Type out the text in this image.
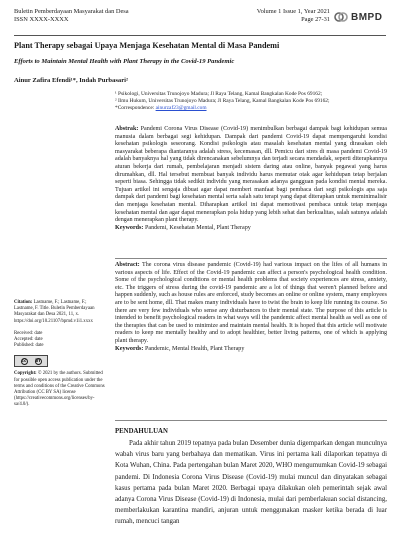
Buletin Pemberdayaan Masyarakat dan Desa
ISSN XXXX-XXXX
Volume 1 Issue 1, Year 2021
Page 27-31 BMPD
Plant Therapy sebagai Upaya Menjaga Kesehatan Mental di Masa Pandemi
Efforts to Maintain Mental Health with Plant Therapy in the Covid-19 Pandemic
Ainur Zafira Efendi¹*, Indah Purbasari²
¹ Psikologi, Universitas Trunojoyo Madura; Jl Raya Telang, Kamal Bangkalan Kode Pos 69162;
² Ilmu Hukum, Universitas Trunojoyo Madura; Jl Raya Telang, Kamal Bangkalan Kode Pos 69162;
*Correspondence: ainurzaf23@gmail.com
Abstrak: Pandemi Corona Virus Disease (Covid-19) menimbulkan berbagai dampak bagi kehidupan semua manusia dalam berbagai segi kehidupan. Dampak dari pandemi Covid-19 dapat mempengaruhi kondisi kesehatan psikologis seseorang. Kondisi psikologis atau masalah kesehatan mental yang dirasakan oleh masyarakat beberapa diantaranya adalah stress, kecemasan, dll. Pemicu dari stres di masa pandemi Covid-19 adalah banyaknya hal yang tidak direncanakan sebelumnya dan terjadi secara mendadak, seperti diterapkannya aturan bekerja dari rumah, pembelajaran menjadi sistem daring atau online, banyak pegawai yang harus dirumahkan, dll. Hal tersebut membuat banyak individu harus memutar otak agar kehidupan tetap berjalan seperti biasa. Sehingga tidak sedikit individu yang merasakan adanya gangguan pada kondisi mental mereka. Tujuan artikel ini sengaja dibuat agar dapat memberi manfaat bagi pembaca dari segi psikologis apa saja dampak dari pandemi bagi kesehatan mental serta salah satu terapi yang dapat diterapkan untuk meminimalisir dan menjaga kesehatan mental. Diharapkan artikel ini dapat memotivasi pembaca untuk tetap menjaga kesehatan mental dan agar dapat menerapkan pola hidup yang lebih sehat dan berkualitas, salah satunya adalah dengan menerapkan plant therapy.
Keywords: Pandemi, Kesehatan Mental, Plant Therapy
Abstract: The corona virus disease pandemic (Covid-19) had various impact on the lifes of all humans in various aspects of life. Effect of the Covid-19 pandemic can affect a person's psychological health condition. Some of the psychological conditions or mental health problems that society experiences are stress, anxiety, etc. The triggers of stress during the covid-19 pandemic are a lot of things that weren't planned before and happen suddenly, such as house rules are enforced, study becomes an online or online system, many employees are to be sent home, dll. That makes many individuals have to twist the brain to keep life running its course. So there are very few individuals who sense any disturbances to their mental state. The purpose of this article is intended to benefit psychological readers in what ways will the pandemic affect mental health as well as one of the therapies that can be used to minimize and maintain mental health. It is hoped that this article will motivate readers to keep me mentally healthy and to adopt healthier, better living patterns, one of which is applying plant therapy.
Keywords: Pandemic, Mental Health, Plant Therapy
Citation: Lastname, F.; Lastname, F.; Lastname, F. Title. Buletin Pemberdayaan Masyarakat dan Desa 2021, 11, x. https://doi.org/10.21107/bpmd.v1i1.xxxx
Received: date
Accepted: date
Published: date
cc BY
Copyright: © 2021 by the authors. Submitted for possible open access publication under the terms and conditions of the Creative Commons Attribution (CC BY SA) license (https://creativecommons.org/licenses/by-sa/4.0/).
PENDAHULUAN
Pada akhir tahun 2019 tepatnya pada bulan Desember dunia digemparkan dengan munculnya wabah virus baru yang berbahaya dan mematikan. Virus ini pertama kali dilaporkan tepatnya di Kota Wuhan, China. Pada pertengahan bulan Maret 2020, WHO mengumumkan Covid-19 sebagai pandemi. Di Indonesia Corona Virus Disease (Covid-19) mulai muncul dan dinyatakan sebagai kasus pertama pada bulan Maret 2020. Berbagai upaya dilakukan oleh pemerintah sejak awal adanya Corona Virus Disease (Covid-19) di Indonesia, mulai dari pemberlakuan social distancing, memberlakukan karantina mandiri, anjuran untuk menggunakan masker ketika berada di luar rumah, mencuci tangan
